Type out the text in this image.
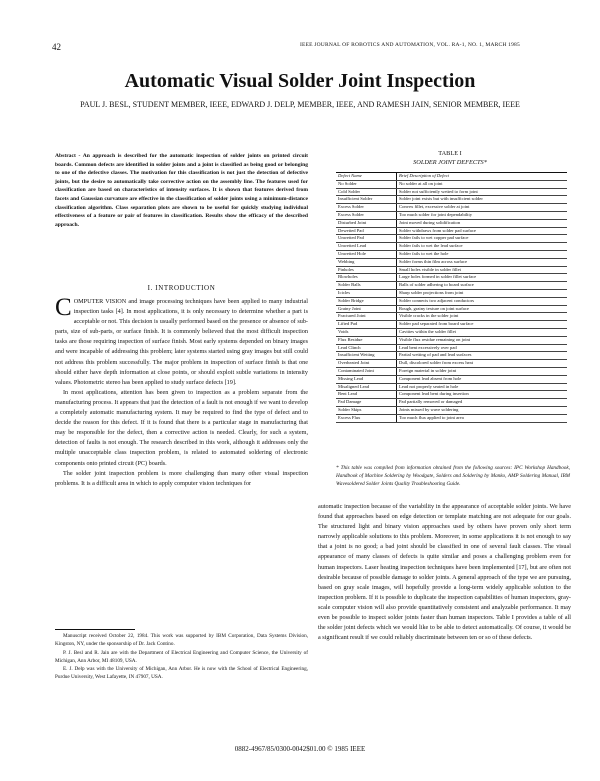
42	IEEE JOURNAL OF ROBOTICS AND AUTOMATION, VOL. RA-1, NO. 1, MARCH 1985
Automatic Visual Solder Joint Inspection
PAUL J. BESL, STUDENT MEMBER, IEEE, EDWARD J. DELP, MEMBER, IEEE, AND RAMESH JAIN, SENIOR MEMBER, IEEE
Abstract - An approach is described for the automatic inspection of solder joints on printed circuit boards. Common defects are identified in solder joints and a joint is classified as being good or belonging to one of the defective classes. The motivation for this classification is not just the detection of defective joints, but the desire to automatically take corrective action on the assembly line. The features used for classification are based on characteristics of intensity surfaces. It is shown that features derived from facets and Gaussian curvature are effective in the classification of solder joints using a minimum-distance classification algorithm. Class separation plots are shown to be useful for quickly studying individual effectiveness of a feature or pair of features in classification. Results show the efficacy of the described approach.
I. INTRODUCTION

COMPUTER VISION and image processing techniques have been applied to many industrial inspection tasks [4]. In most applications, it is only necessary to determine whether a part is acceptable or not. This decision is usually performed based on the presence or absence of sub-parts, size of sub-parts, or surface finish. It is commonly believed that the most difficult inspection tasks are those requiring inspection of surface finish. Most early systems depended on binary images and were incapable of addressing this problem; later systems started using gray images but still could not address this problem successfully. The major problem in inspection of surface finish is that one should either have depth information at close points, or should exploit subtle variations in intensity values. Photometric stereo has been applied to study surface defects [19].

In most applications, attention has been given to inspection as a problem separate from the manufacturing process. It appears that just the detection of a fault is not enough if we want to develop a completely automatic manufacturing system. It may be required to find the type of defect and to decide the reason for this defect. If it is found that there is a particular stage in manufacturing that may be responsible for the defect, then a corrective action is needed. Clearly, for such a system, detection of faults is not enough. The research described in this work, although it addresses only the multiple unacceptable class inspection problem, is related to automated soldering of electronic components onto printed circuit (PC) boards.

The solder joint inspection problem is more challenging than many other visual inspection problems. It is a difficult area in which to apply computer vision techniques for

Manuscript received October 22, 1984. This work was supported by IBM Corporation, Data Systems Division, Kingston, NY, under the sponsorship of Dr. Jack Contino.
P. J. Besl and R. Jain are with the Department of Electrical Engineering and Computer Science, the University of Michigan, Ann Arbor, MI 48109, USA.
E. J. Delp was with the University of Michigan, Ann Arbor. He is now with the School of Electrical Engineering, Purdue University, West Lafayette, IN 47907, USA.
TABLE I
SOLDER JOINT DEFECTS*
Defect Name	Brief Description of Defect
No Solder	No solder at all on joint
Cold Solder	Solder not sufficiently wetted to form joint
Insufficient Solder	Solder joint exists but with insufficient solder
Excess Solder	Convex fillet, excessive solder at joint
Excess Solder	Too much solder for joint dependability
Disturbed Joint	Joint moved during solidification
Dewetted Pad	Solder withdraws from solder pad surface
Unwetted Pad	Solder fails to wet copper pad surface
Unwetted Lead	Solder fails to wet the lead surface
Unwetted Hole	Solder fails to wet the hole
Webbing	Solder forms thin film across surface
Pinholes	Small holes visible in solder fillet
Blowholes	Large holes formed in solder fillet surface
Solder Balls	Balls of solder adhering to board surface
Icicles	Sharp solder projections from joint
Solder Bridge	Solder connects two adjacent conductors
Grainy Joint	Rough, grainy texture on joint surface
Fractured Joint	Visible cracks in the solder joint
Lifted Pad	Solder pad separated from board surface
Voids	Cavities within the solder fillet
Flux Residue	Visible flux residue remaining on joint
Lead Clinch	Lead bent excessively over pad
Insufficient Wetting	Partial wetting of pad and lead surfaces
Overheated Joint	Dull, discolored solder from excess heat
Contaminated Joint	Foreign material in solder joint
Missing Lead	Component lead absent from hole
Misaligned Lead	Lead not properly seated in hole
Bent Lead	Component lead bent during insertion
Pad Damage	Pad partially removed or damaged
Solder Skips	Joints missed by wave soldering
Excess Flux	Too much flux applied to joint area
* This table was compiled from information obtained from the following sources: IPC Workshop Handbook, Handbook of Machine Soldering by Woodgate, Solders and Soldering by Manko, AMP Soldering Manual, IBM Wavesoldered Solder Joints Quality Troubleshooting Guide.
automatic inspection because of the variability in the appearance of acceptable solder joints. We have found that approaches based on edge detection or template matching are not adequate for our goals. The structured light and binary vision approaches used by others have proven only short term narrowly applicable solutions to this problem. Moreover, in some applications it is not enough to say that a joint is no good; a bad joint should be classified in one of several fault classes. The visual appearance of many classes of defects is quite similar and poses a challenging problem even for human inspectors. Laser heating inspection techniques have been implemented [17], but are often not desirable because of possible damage to solder joints. A general approach of the type we are pursuing, based on gray scale images, will hopefully provide a long-term widely applicable solution to the inspection problem. If it is possible to duplicate the inspection capabilities of human inspectors, gray-scale computer vision will also provide quantitatively consistent and analyzable performance. It may even be possible to inspect solder joints faster than human inspectors. Table I provides a table of all the solder joint defects which we would like to be able to detect automatically. Of course, it would be a significant result if we could reliably discriminate between ten or so of these defects.
0882-4967/85/0300-0042$01.00 © 1985 IEEE
